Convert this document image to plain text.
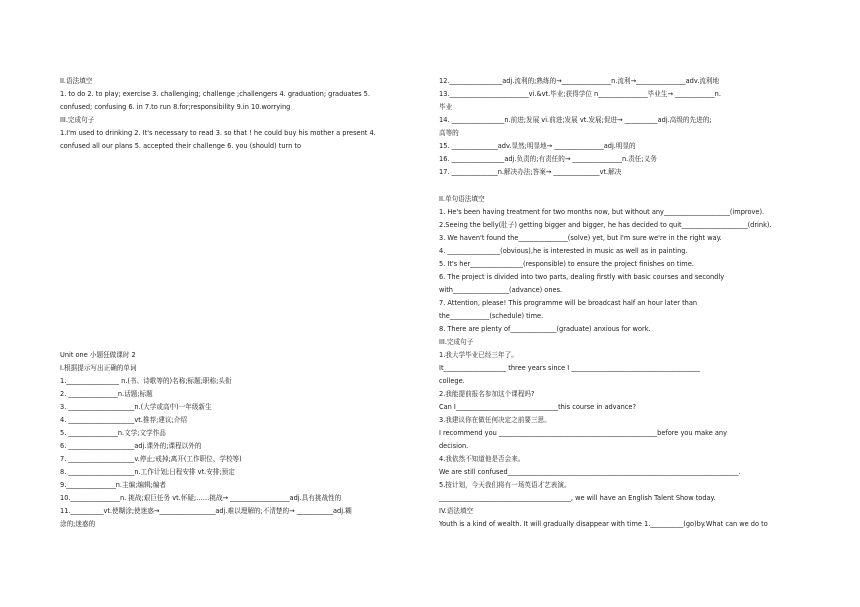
II.语法填空
1. to do 2. to play; exercise 3. challenging; challenge ;challengers 4. graduation; graduates 5.
confused; confusing 6. in 7.to run 8.for;responsibility 9.in 10.worrying
III.完成句子
1.I'm used to drinking 2. It's necessary to read 3. so that ! he could buy his mother a present 4.
confused all our plans 5. accepted their challenge 6. you (should) turn to
Unit one 小题狂做课时 2
I.根据提示写出正确的单词
1.________________ n.(书、诗歌等的)名称;标题;职称;头衔
2. _______________n.话题;标题
3. ____________________n.(大学或高中)一年级新生
4. ____________________vt.推荐;建议;介绍
5. _______________n.文学;文学作品
6. ____________________adj.课外的;课程以外的
7. ____________________v.停止;戒掉;离开(工作职位、学校等)
8. ____________________n.工作计划;日程安排 vt.安排;预定
9._______________n.主编;编辑;编者
10._______________n. 挑战;艰巨任务 vt.怀疑;……挑战→ __________________adj.具有挑战性的
11.__________vt.使糊涂;使迷惑→_________________adj.难以理解的;不清楚的→ ___________adj.糊
涂的;迷惑的
12.________________adj.流利的;熟练的→_______________n.流利→_______________adv.流利地
13.________________________vi.&vt.毕业;获得学位 n_______________毕业生→ ____________n.
毕业
14. ________________n.前进;发展 vi.前进;发展 vt.发展;促进→ __________adj.高级的先进的;
高等的
15. ______________adv.显然;明显地→ _______________adj.明显的
16. ________________adj.负责的;有责任的→ _______________n.责任;义务
17. ______________n.解决办法;答案→ ______________vt.解决
II.单句语法填空
1. He's been having treatment for two months now, but without any____________________(improve).
2.Seeing the belly(肚子) getting bigger and bigger, he has decided to quit____________________(drink).
3. We haven't found the_______________(solve) yet, but I'm sure we're in the right way.
4. ________________(obvious),he is interested in music as well as in painting.
5. It's her________________(responsible) to ensure the project finishes on time.
6. The project is divided into two parts, dealing firstly with basic courses and secondly
with_________________(advance) ones.
7. Attention, please! This programme will be broadcast half an hour later than
the____________(schedule) time.
8. There are plenty of______________(graduate) anxious for work.
III.完成句子
1.我大学毕业已经三年了。
It___________________ three years since I _______________________________________
college.
2.我能提前报名参加这个课程吗?
Can I_______________________________this course in advance?
3.我建议你在做任何决定之前要三思。
I recommend you ________________________________________________before you make any
decision.
4.我依然不知道他是否会来。
We are still confused______________________________________________________________________.
5.按计划，今天我们将有一场英语才艺表演。
________________________________________, we will have an English Talent Show today.
IV.语法填空
Youth is a kind of wealth. It will gradually disappear with time 1.__________(go)by.What can we do to
